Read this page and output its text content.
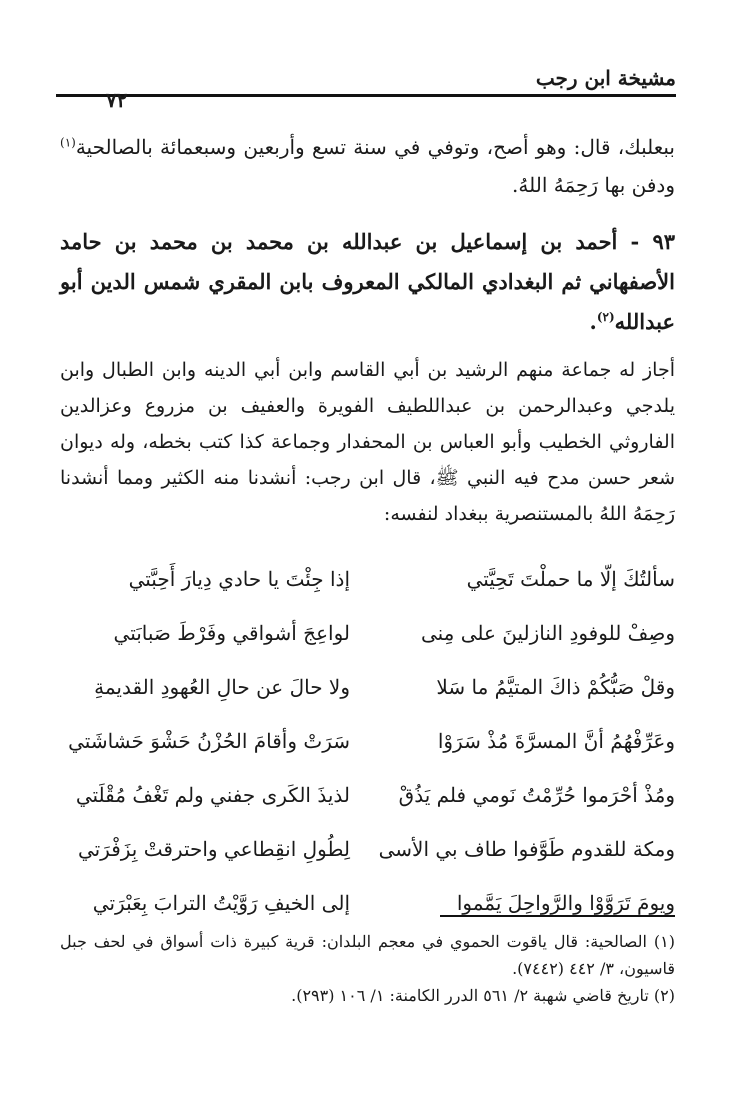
مشيخة ابن رجب
٧٢
ببعلبك، قال: وهو أصح، وتوفي في سنة تسع وأربعين وسبعمائة بالصالحية$^{(١)}$ ودفن بها رَحِمَهُ اللهُ.
٩٣ - أحمد بن إسماعيل بن عبدالله بن محمد بن محمد بن حامد الأصفهاني ثم البغدادي المالكي المعروف بابن المقري شمس الدين أبو عبدالله$^{(٢)}$.
أجاز له جماعة منهم الرشيد بن أبي القاسم وابن أبي الدينه وابن الطبال وابن يلدجي وعبدالرحمن بن عبداللطيف الفويرة والعفيف بن مزروع وعزالدين الفاروثي الخطيب وأبو العباس بن المحفدار وجماعة كذا كتب بخطه، وله ديوان شعر حسن مدح فيه النبي ﷺ، قال ابن رجب: أنشدنا منه الكثير ومما أنشدنا رَحِمَهُ اللهُ بالمستنصرية ببغداد لنفسه:
سألتُكَ إلّا ما حملْتَ تَحِيَّتي
إذا جِئْتَ يا حادي دِيارَ أَحِبَّتي
وصِفْ للوفودِ النازلينَ على مِنى
لواعِجَ أشواقي وفَرْطَ صَبابَتي
وقلْ صَبُّكُمْ ذاكَ المتيَّمُ ما سَلا
ولا حالَ عن حالِ العُهودِ القديمةِ
وعَرِّفْهُمُ أنَّ المسرَّةَ مُذْ سَرَوْا
سَرَتْ وأقامَ الحُزْنُ حَشْوَ حَشاشَتي
ومُذْ أحْرَموا حُرِّمْتُ نَومي فلم يَذُقْ
لذيذَ الكَرى جفني ولم تَغْفُ مُقْلَتي
ومكة للقدوم طَوَّفوا طاف بي الأسى
لِطُولِ انقِطاعي واحترقتْ بِزَفْرَتي
ويومَ تَرَوَّوْا والرَّواحِلَ يَمَّموا
إلى الخيفِ رَوَّيْتُ الترابَ بِعَبْرَتي

(١) الصالحية: قال ياقوت الحموي في معجم البلدان: قرية كبيرة ذات أسواق في لحف جبل قاسيون، ٣/ ٤٤٢ (٧٤٤٢).

(٢) تاريخ قاضي شهبة ٢/ ٥٦١ الدرر الكامنة: ١/ ١٠٦ (٢٩٣).
